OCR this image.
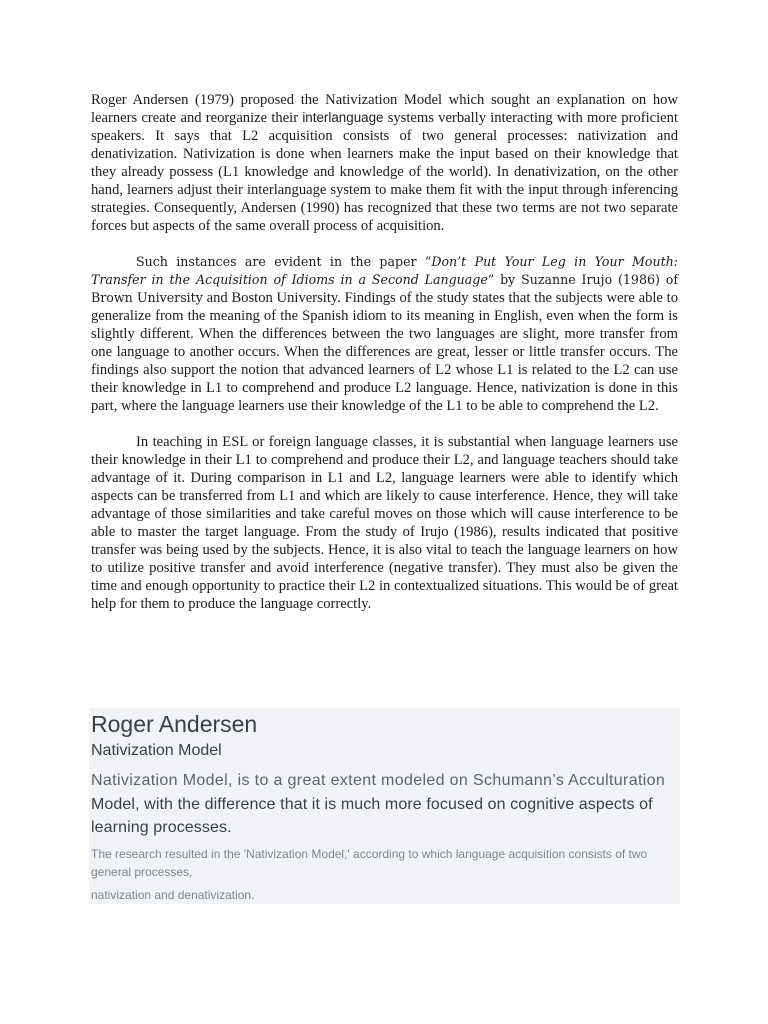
Roger Andersen (1979) proposed the Nativization Model which sought an explanation on how learners create and reorganize their interlanguage systems verbally interacting with more proficient speakers. It says that L2 acquisition consists of two general processes: nativization and denativization. Nativization is done when learners make the input based on their knowledge that they already possess (L1 knowledge and knowledge of the world). In denativization, on the other hand, learners adjust their interlanguage system to make them fit with the input through inferencing strategies. Consequently, Andersen (1990) has recognized that these two terms are not two separate forces but aspects of the same overall process of acquisition.

Such instances are evident in the paper “Don’t Put Your Leg in Your Mouth: Transfer in the Acquisition of Idioms in a Second Language” by Suzanne Irujo (1986) of Brown University and Boston University. Findings of the study states that the subjects were able to generalize from the meaning of the Spanish idiom to its meaning in English, even when the form is slightly different. When the differences between the two languages are slight, more transfer from one language to another occurs. When the differences are great, lesser or little transfer occurs. The findings also support the notion that advanced learners of L2 whose L1 is related to the L2 can use their knowledge in L1 to comprehend and produce L2 language. Hence, nativization is done in this part, where the language learners use their knowledge of the L1 to be able to comprehend the L2.

In teaching in ESL or foreign language classes, it is substantial when language learners use their knowledge in their L1 to comprehend and produce their L2, and language teachers should take advantage of it. During comparison in L1 and L2, language learners were able to identify which aspects can be transferred from L1 and which are likely to cause interference. Hence, they will take advantage of those similarities and take careful moves on those which will cause interference to be able to master the target language. From the study of Irujo (1986), results indicated that positive transfer was being used by the subjects. Hence, it is also vital to teach the language learners on how to utilize positive transfer and avoid interference (negative transfer). They must also be given the time and enough opportunity to practice their L2 in contextualized situations. This would be of great help for them to produce the language correctly.

Roger Andersen
Nativization Model
Nativization Model, is to a great extent modeled on Schumann’s Acculturation
Model, with the difference that it is much more focused on cognitive aspects of learning processes.
The research resulted in the 'Nativization Model,' according to which language acquisition consists of two general processes,
nativization and denativization.
